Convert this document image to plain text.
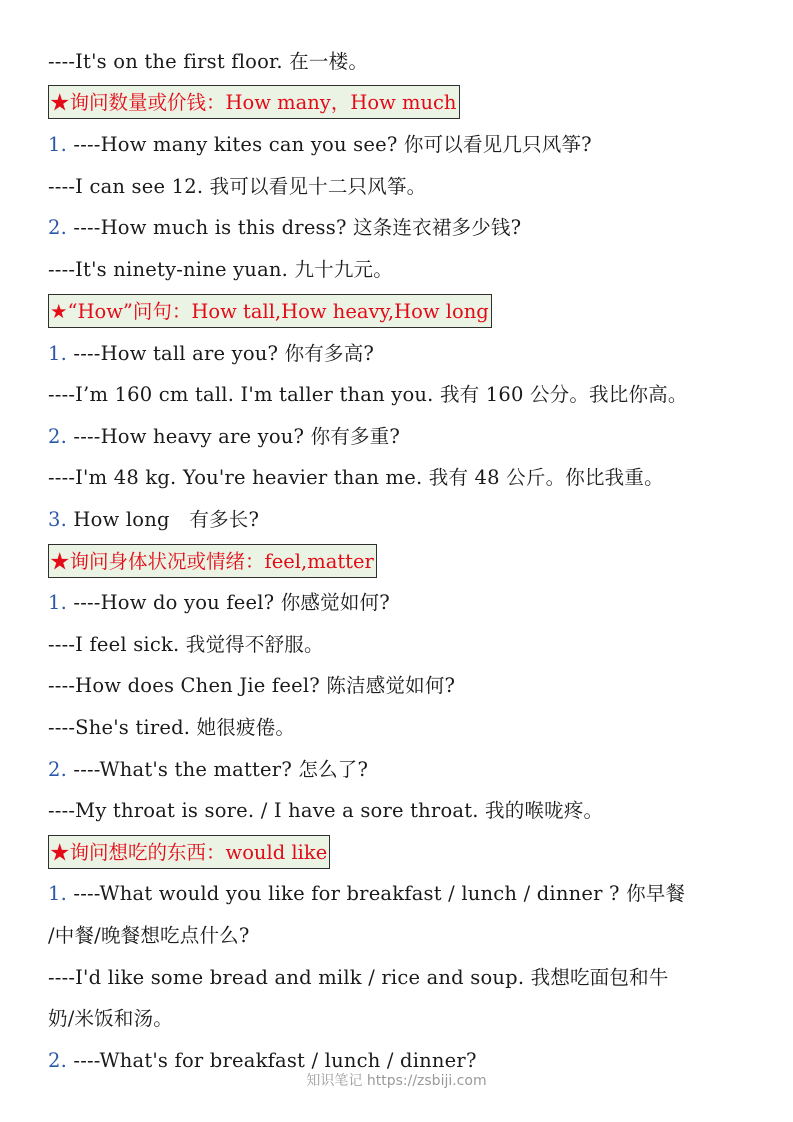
----It's on the first floor. 在一楼。
★询问数量或价钱：How many，How much
1. ----How many kites can you see? 你可以看见几只风筝?
----I can see 12. 我可以看见十二只风筝。
2. ----How much is this dress? 这条连衣裙多少钱?
----It's ninety-nine yuan. 九十九元。
★“How”问句：How tall,How heavy,How long
1. ----How tall are you? 你有多高?
----I’m 160 cm tall. I'm taller than you. 我有 160 公分。我比你高。
2. ----How heavy are you? 你有多重?
----I'm 48 kg. You're heavier than me. 我有 48 公斤。你比我重。
3. How long　有多长?
★询问身体状况或情绪：feel,matter
1. ----How do you feel? 你感觉如何?
----I feel sick. 我觉得不舒服。
----How does Chen Jie feel? 陈洁感觉如何?
----She's tired. 她很疲倦。
2. ----What's the matter? 怎么了?
----My throat is sore. / I have a sore throat. 我的喉咙疼。
★询问想吃的东西：would like
1. ----What would you like for breakfast / lunch / dinner ? 你早餐
/中餐/晚餐想吃点什么?
----I'd like some bread and milk / rice and soup. 我想吃面包和牛
奶/米饭和汤。
2. ----What's for breakfast / lunch / dinner?
知识笔记 https://zsbiji.com
